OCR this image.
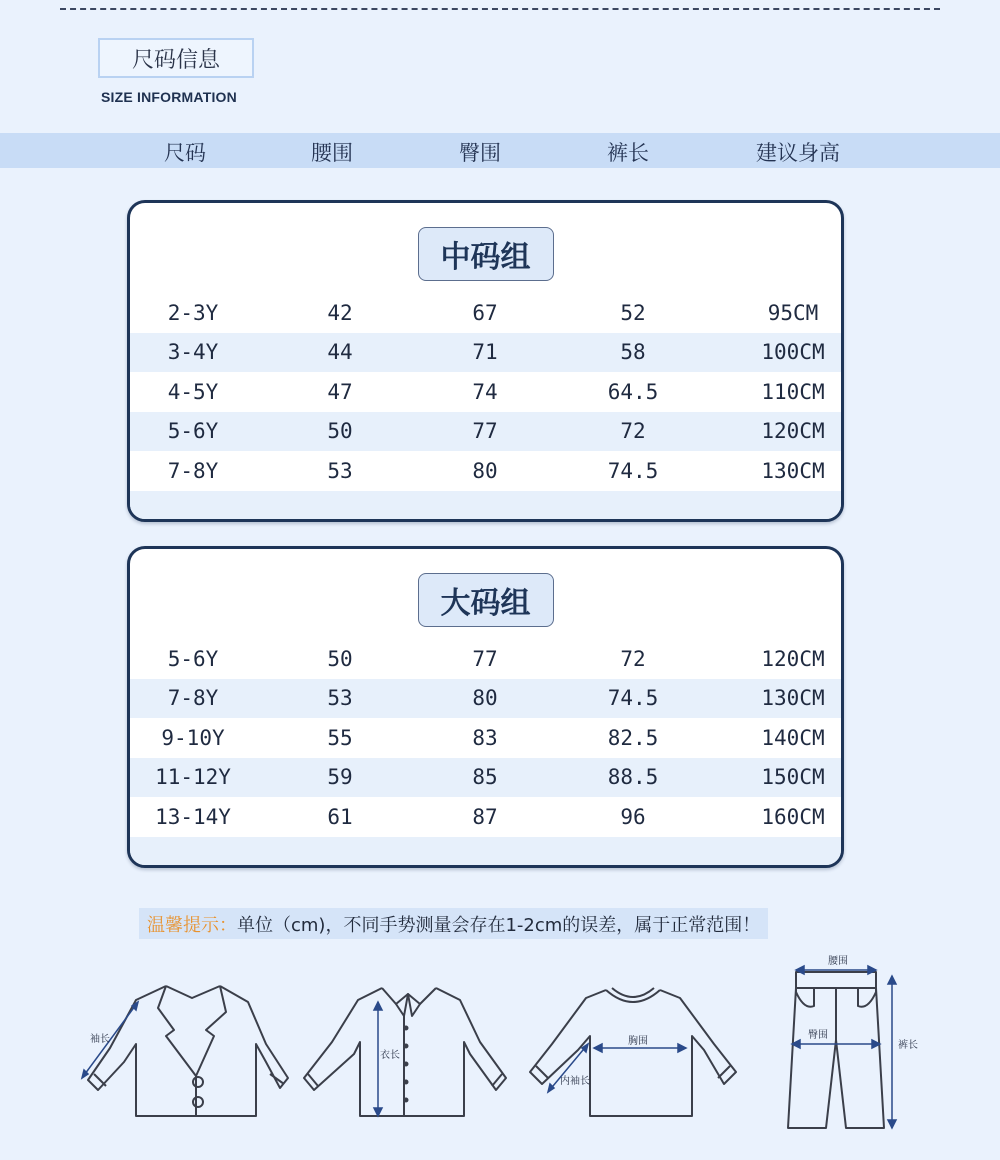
尺码信息
SIZE INFORMATION
尺码	腰围	臀围	裤长	建议身高
中码组
2-3Y	42	67	52	95CM
3-4Y	44	71	58	100CM
4-5Y	47	74	64.5	110CM
5-6Y	50	77	72	120CM
7-8Y	53	80	74.5	130CM
大码组
5-6Y	50	77	72	120CM
7-8Y	53	80	74.5	130CM
9-10Y	55	83	82.5	140CM
11-12Y	59	85	88.5	150CM
13-14Y	61	87	96	160CM
温馨提示： 单位（cm)，不同手势测量会存在1-2cm的误差，属于正常范围！
袖长
衣长
胸围
内袖长
腰围
臀围
裤长
